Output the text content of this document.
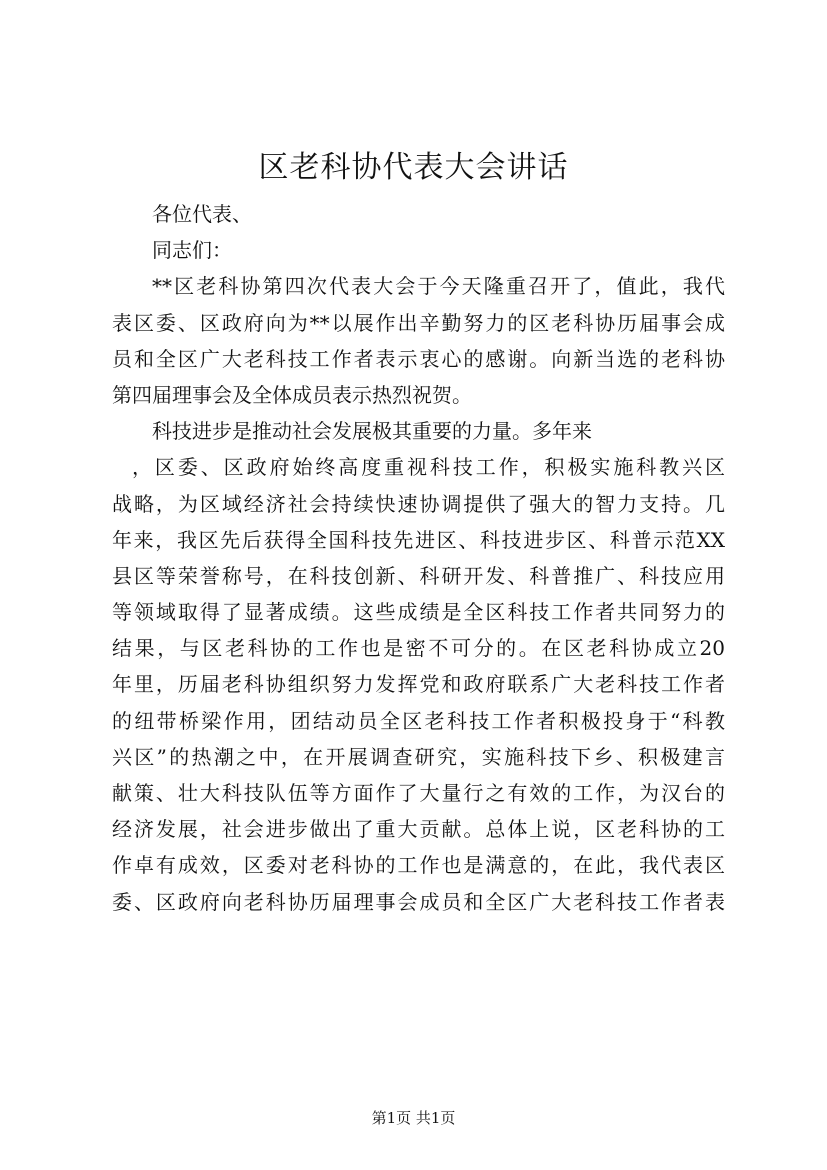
区老科协代表大会讲话
各位代表、
同志们：
**区老科协第四次代表大会于今天隆重召开了，值此，我代
表区委、区政府向为**以展作出辛勤努力的区老科协历届事会成
员和全区广大老科技工作者表示衷心的感谢。向新当选的老科协
第四届理事会及全体成员表示热烈祝贺。
科技进步是推动社会发展极其重要的力量。多年来
，区委、区政府始终高度重视科技工作，积极实施科教兴区
战略，为区域经济社会持续快速协调提供了强大的智力支持。几
年来，我区先后获得全国科技先进区、科技进步区、科普示范XX
县区等荣誉称号，在科技创新、科研开发、科普推广、科技应用
等领域取得了显著成绩。这些成绩是全区科技工作者共同努力的
结果，与区老科协的工作也是密不可分的。在区老科协成立20
年里，历届老科协组织努力发挥党和政府联系广大老科技工作者
的纽带桥梁作用，团结动员全区老科技工作者积极投身于“科教
兴区”的热潮之中，在开展调查研究，实施科技下乡、积极建言
献策、壮大科技队伍等方面作了大量行之有效的工作，为汉台的
经济发展，社会进步做出了重大贡献。总体上说，区老科协的工
作卓有成效，区委对老科协的工作也是满意的，在此，我代表区
委、区政府向老科协历届理事会成员和全区广大老科技工作者表
第1页 共1页
